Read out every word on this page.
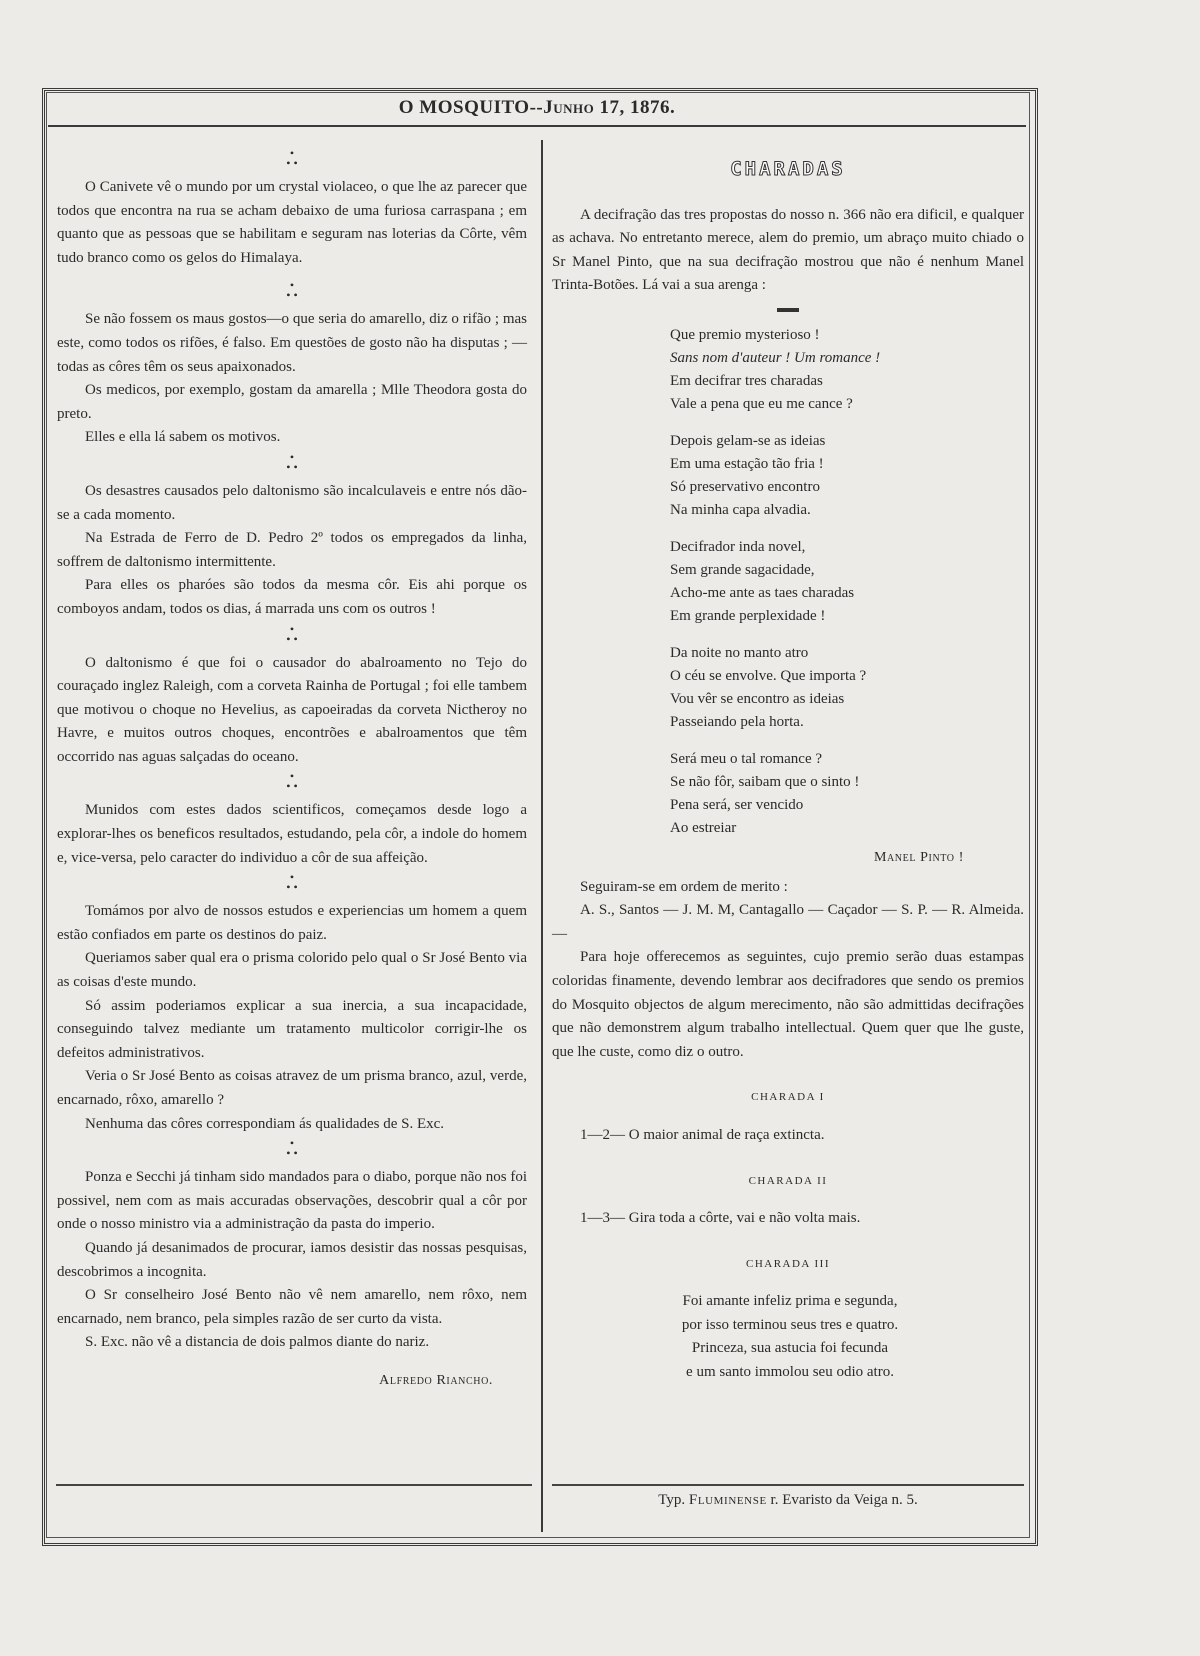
O MOSQUITO--Junho 17, 1876.
•
• •

O Canivete vê o mundo por um crystal violaceo, o que lhe az parecer que todos que encontra na rua se acham debaixo de uma furiosa carraspana ; em quanto que as pessoas que se habilitam e seguram nas loterias da Côrte, vêm tudo branco como os gelos do Himalaya.

•
• •

Se não fossem os maus gostos—o que seria do amarello, diz o rifão ; mas este, como todos os rifões, é falso. Em questões de gosto não ha disputas ; — todas as côres têm os seus apaixonados.

Os medicos, por exemplo, gostam da amarella ; Mlle Theodora gosta do preto.

Elles e ella lá sabem os motivos.

•
• •

Os desastres causados pelo daltonismo são incalculaveis e entre nós dão-se a cada momento.

Na Estrada de Ferro de D. Pedro 2º todos os empregados da linha, soffrem de daltonismo intermittente.

Para elles os pharóes são todos da mesma côr. Eis ahi porque os comboyos andam, todos os dias, á marrada uns com os outros !

•
• •

O daltonismo é que foi o causador do abalroamento no Tejo do couraçado inglez Raleigh, com a corveta Rainha de Portugal ; foi elle tambem que motivou o choque no Hevelius, as capoeiradas da corveta Nictheroy no Havre, e muitos outros choques, encontrões e abalroamentos que têm occorrido nas aguas salçadas do oceano.

•
• •

Munidos com estes dados scientificos, começamos desde logo a explorar-lhes os beneficos resultados, estudando, pela côr, a indole do homem e, vice-versa, pelo caracter do individuo a côr de sua affeição.

•
• •

Tomámos por alvo de nossos estudos e experiencias um homem a quem estão confiados em parte os destinos do paiz.

Queriamos saber qual era o prisma colorido pelo qual o Sr José Bento via as coisas d'este mundo.

Só assim poderiamos explicar a sua inercia, a sua incapacidade, conseguindo talvez mediante um tratamento multicolor corrigir-lhe os defeitos administrativos.

Veria o Sr José Bento as coisas atravez de um prisma branco, azul, verde, encarnado, rôxo, amarello ?

Nenhuma das côres correspondiam ás qualidades de S. Exc.

•
• •

Ponza e Secchi já tinham sido mandados para o diabo, porque não nos foi possivel, nem com as mais accuradas observações, descobrir qual a côr por onde o nosso ministro via a administração da pasta do imperio.

Quando já desanimados de procurar, iamos desistir das nossas pesquisas, descobrimos a incognita.

O Sr conselheiro José Bento não vê nem amarello, nem rôxo, nem encarnado, nem branco, pela simples razão de ser curto da vista.

S. Exc. não vê a distancia de dois palmos diante do nariz.

Alfredo Riancho.
CHARADAS

A decifração das tres propostas do nosso n. 366 não era dificil, e qualquer as achava. No entretanto merece, alem do premio, um abraço muito chiado o Sr Manel Pinto, que na sua decifração mostrou que não é nenhum Manel Trinta-Botões. Lá vai a sua arenga :

Que premio mysterioso !
Sans nom d'auteur ! Um romance !
Em decifrar tres charadas
Vale a pena que eu me cance ?
Depois gelam-se as ideias
Em uma estação tão fria !
Só preservativo encontro
Na minha capa alvadia.
Decifrador inda novel,
Sem grande sagacidade,
Acho-me ante as taes charadas
Em grande perplexidade !
Da noite no manto atro
O céu se envolve. Que importa ?
Vou vêr se encontro as ideias
Passeiando pela horta.
Será meu o tal romance ?
Se não fôr, saibam que o sinto !
Pena será, ser vencido
Ao estreiar
Manel Pinto !

Seguiram-se em ordem de merito :

A. S., Santos — J. M. M, Cantagallo — Caçador — S. P. — R. Almeida. —

Para hoje offerecemos as seguintes, cujo premio serão duas estampas coloridas finamente, devendo lembrar aos decifradores que sendo os premios do Mosquito objectos de algum merecimento, não são admittidas decifrações que não demonstrem algum trabalho intellectual. Quem quer que lhe guste, que lhe custe, como diz o outro.

CHARADA I
1—2— O maior animal de raça extincta.
CHARADA II
1—3— Gira toda a côrte, vai e não volta mais.
CHARADA III
Foi amante infeliz prima e segunda,
por isso terminou seus tres e quatro.
Princeza, sua astucia foi fecunda
e um santo immolou seu odio atro.
Typ. Fluminense r. Evaristo da Veiga n. 5.
